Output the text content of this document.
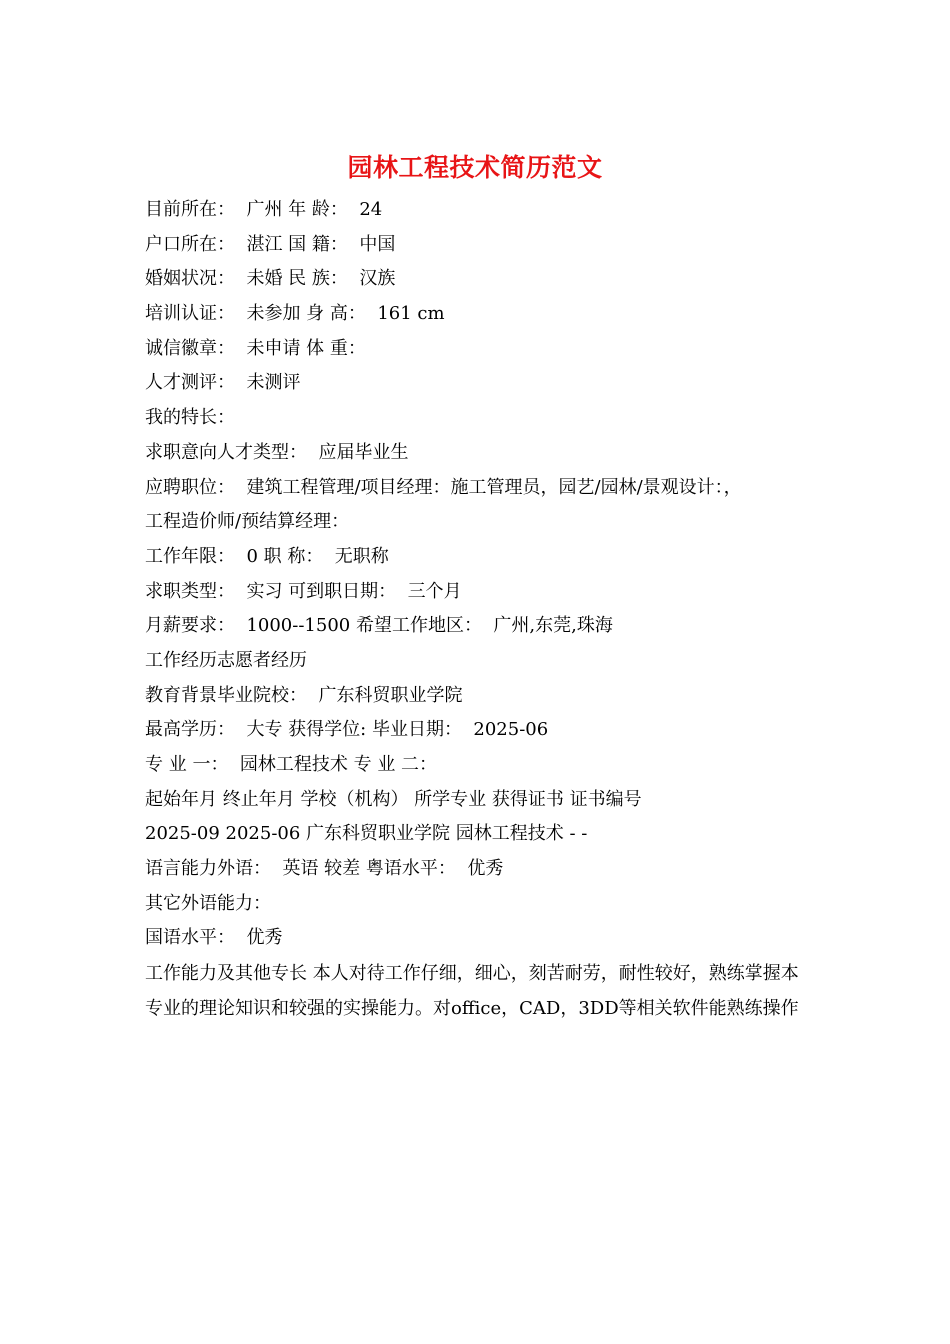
园林工程技术简历范文
目前所在：  广州 年 龄：  24
户口所在：  湛江 国 籍：  中国
婚姻状况：  未婚 民 族：  汉族
培训认证：  未参加 身 高：  161 cm
诚信徽章：  未申请 体 重：
人才测评：  未测评
我的特长：
求职意向人才类型：  应届毕业生
应聘职位：  建筑工程管理/项目经理：施工管理员，园艺/园林/景观设计：，
工程造价师/预结算经理：
工作年限：  0 职 称：  无职称
求职类型：  实习 可到职日期：  三个月
月薪要求：  1000--1500 希望工作地区：  广州,东莞,珠海
工作经历志愿者经历
教育背景毕业院校：  广东科贸职业学院
最高学历：  大专 获得学位: 毕业日期：  2025-06
专 业 一：  园林工程技术 专 业 二：
起始年月 终止年月 学校（机构） 所学专业 获得证书 证书编号
2025-09 2025-06 广东科贸职业学院 园林工程技术 - -
语言能力外语：  英语 较差 粤语水平：  优秀
其它外语能力：
国语水平：  优秀
工作能力及其他专长 本人对待工作仔细，细心，刻苦耐劳，耐性较好，熟练掌握本专业的理论知识和较强的实操能力。对office，CAD，3DD等相关软件能熟练操作
